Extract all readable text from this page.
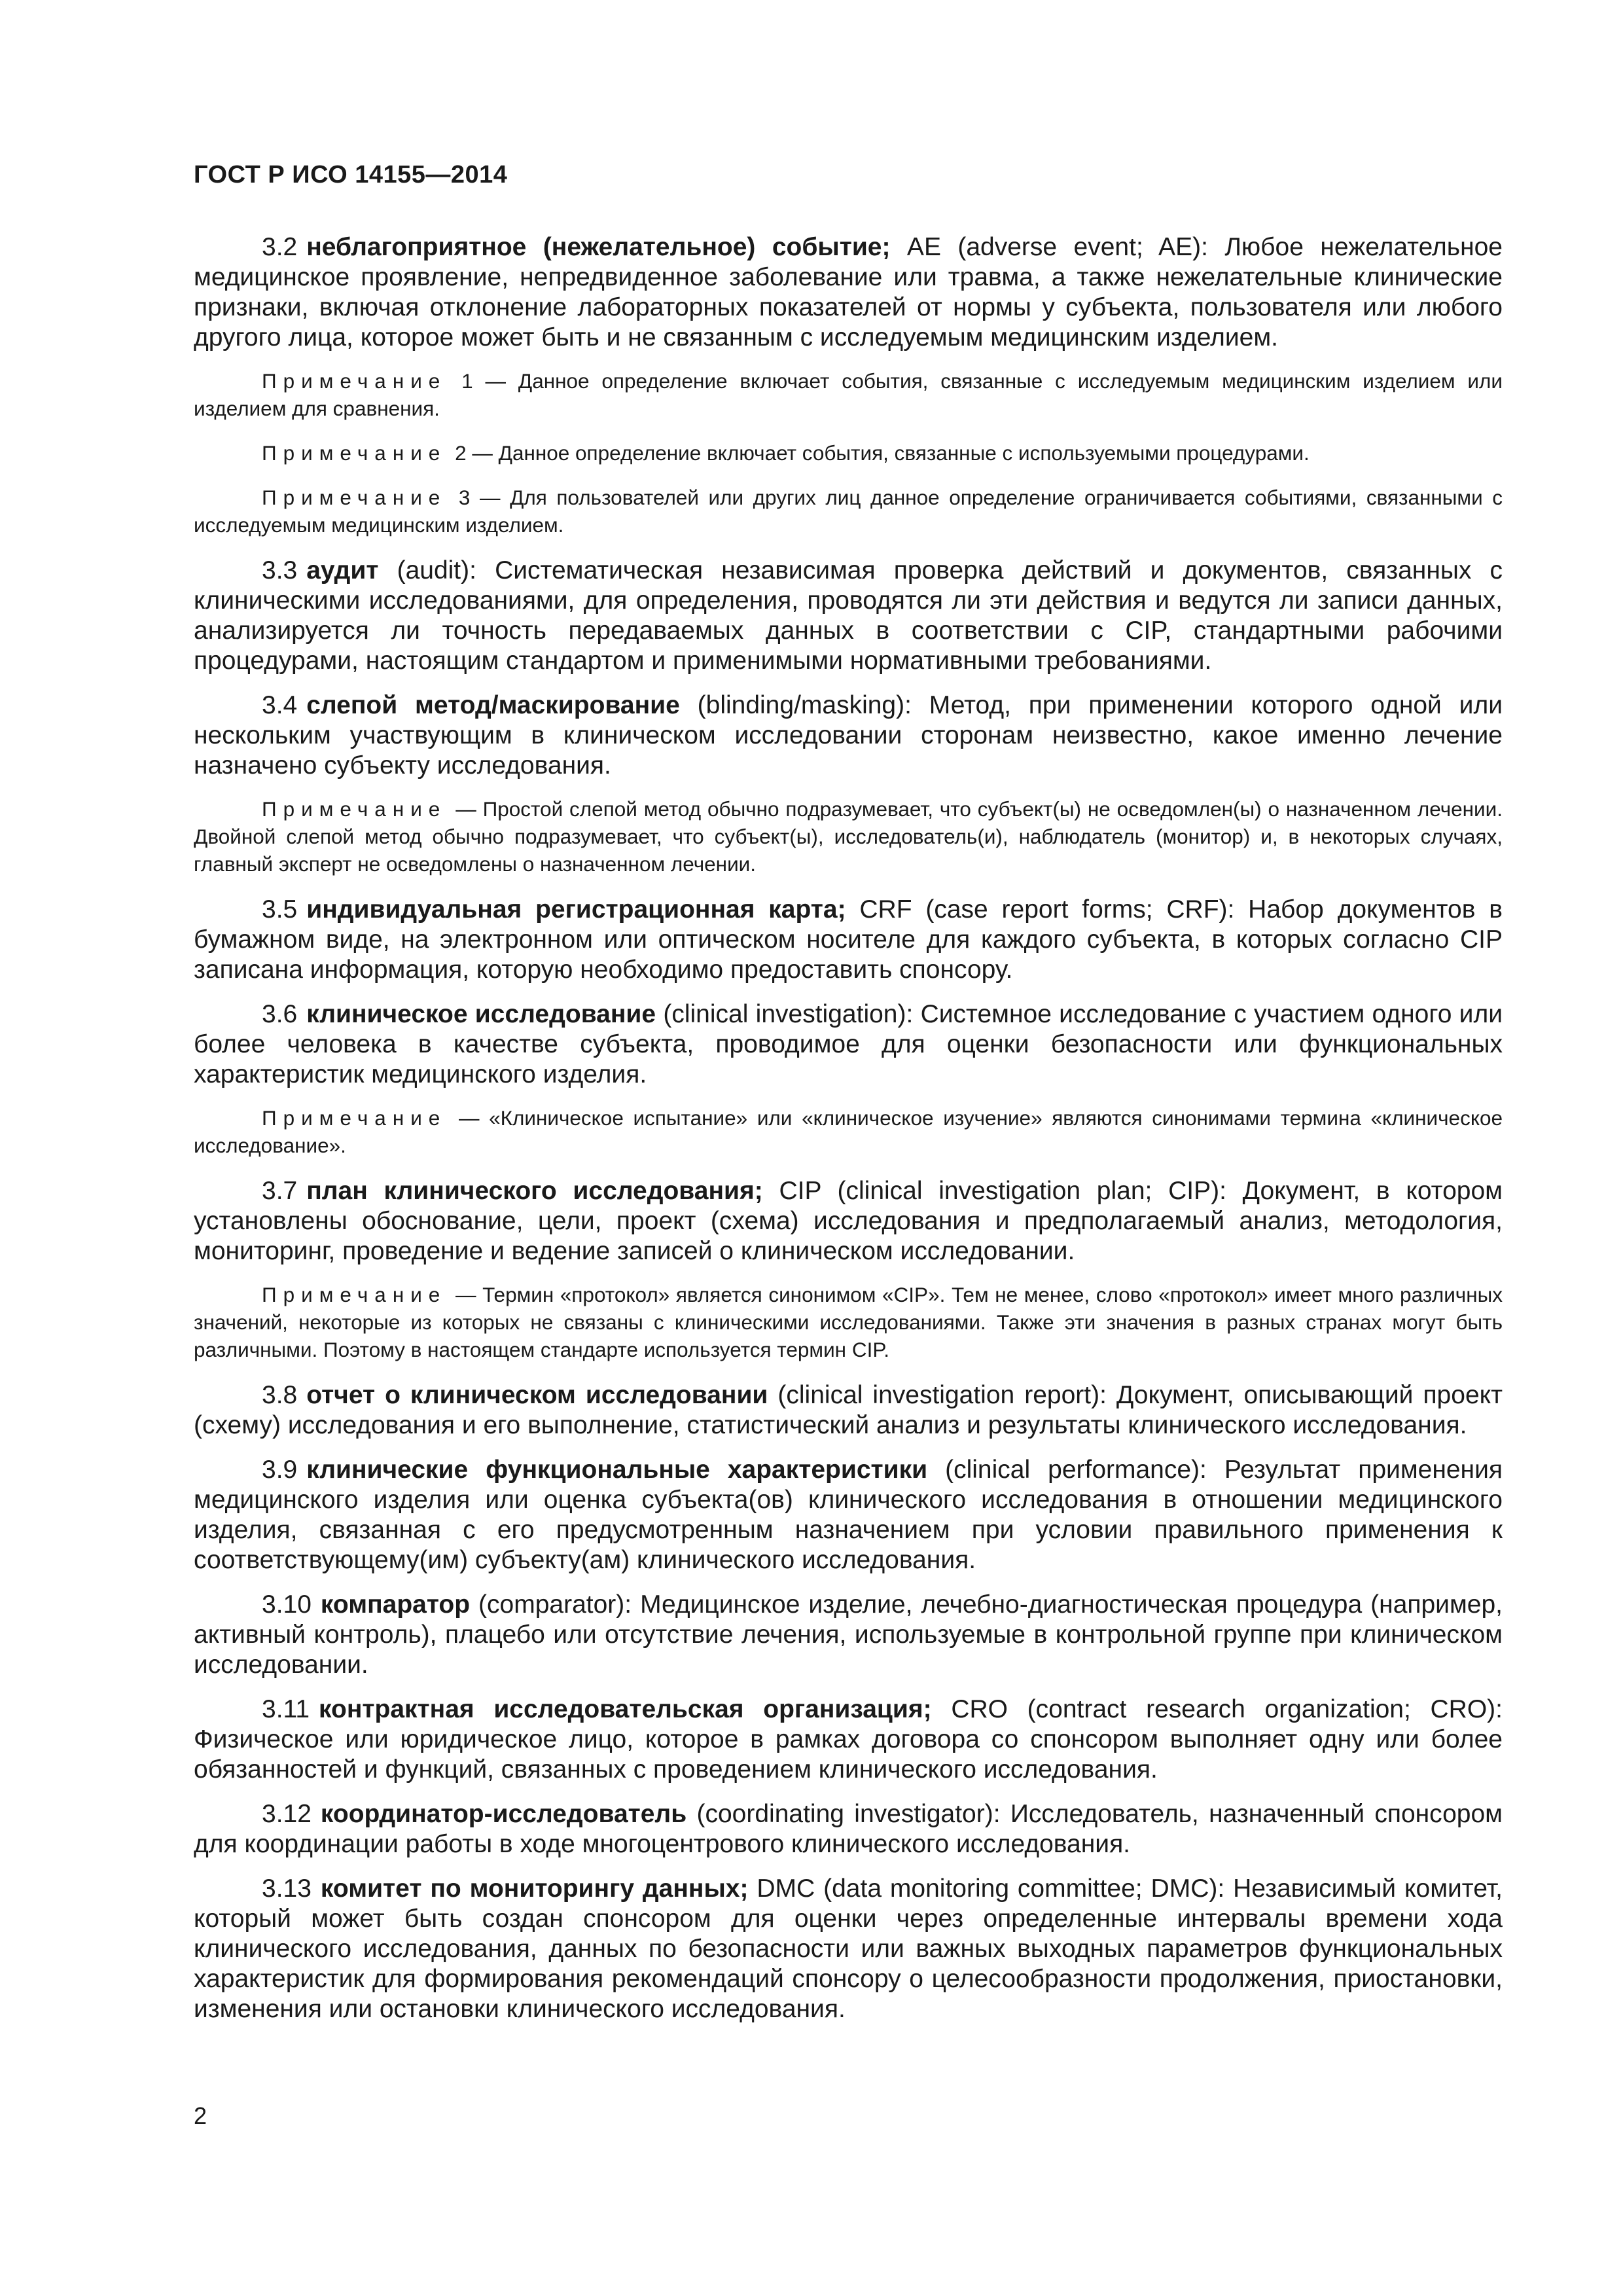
ГОСТ Р ИСО 14155—2014

3.2 неблагоприятное (нежелательное) событие; AE (adverse event; AE): Любое нежелательное медицинское проявление, непредвиденное заболевание или травма, а также нежелательные клинические признаки, включая отклонение лабораторных показателей от нормы у субъекта, пользователя или любого другого лица, которое может быть и не связанным с исследуемым медицинским изделием.

Примечание 1 — Данное определение включает события, связанные с исследуемым медицинским изделием или изделием для сравнения.

Примечание 2 — Данное определение включает события, связанные с используемыми процедурами.

Примечание 3 — Для пользователей или других лиц данное определение ограничивается событиями, связанными с исследуемым медицинским изделием.

3.3 аудит (audit): Систематическая независимая проверка действий и документов, связанных с клиническими исследованиями, для определения, проводятся ли эти действия и ведутся ли записи данных, анализируется ли точность передаваемых данных в соответствии с CIP, стандартными рабочими процедурами, настоящим стандартом и применимыми нормативными требованиями.

3.4 слепой метод/маскирование (blinding/masking): Метод, при применении которого одной или нескольким участвующим в клиническом исследовании сторонам неизвестно, какое именно лечение назначено субъекту исследования.

Примечание — Простой слепой метод обычно подразумевает, что субъект(ы) не осведомлен(ы) о назначенном лечении. Двойной слепой метод обычно подразумевает, что субъект(ы), исследователь(и), наблюдатель (монитор) и, в некоторых случаях, главный эксперт не осведомлены о назначенном лечении.

3.5 индивидуальная регистрационная карта; CRF (case report forms; CRF): Набор документов в бумажном виде, на электронном или оптическом носителе для каждого субъекта, в которых согласно CIP записана информация, которую необходимо предоставить спонсору.

3.6 клиническое исследование (clinical investigation): Системное исследование с участием одного или более человека в качестве субъекта, проводимое для оценки безопасности или функциональных характеристик медицинского изделия.

Примечание — «Клиническое испытание» или «клиническое изучение» являются синонимами термина «клиническое исследование».

3.7 план клинического исследования; CIP (clinical investigation plan; CIP): Документ, в котором установлены обоснование, цели, проект (схема) исследования и предполагаемый анализ, методология, мониторинг, проведение и ведение записей о клиническом исследовании.

Примечание — Термин «протокол» является синонимом «CIP». Тем не менее, слово «протокол» имеет много различных значений, некоторые из которых не связаны с клиническими исследованиями. Также эти значения в разных странах могут быть различными. Поэтому в настоящем стандарте используется термин CIP.

3.8 отчет о клиническом исследовании (clinical investigation report): Документ, описывающий проект (схему) исследования и его выполнение, статистический анализ и результаты клинического исследования.

3.9 клинические функциональные характеристики (clinical performance): Результат применения медицинского изделия или оценка субъекта(ов) клинического исследования в отношении медицинского изделия, связанная с его предусмотренным назначением при условии правильного применения к соответствующему(им) субъекту(ам) клинического исследования.

3.10 компаратор (comparator): Медицинское изделие, лечебно-диагностическая процедура (например, активный контроль), плацебо или отсутствие лечения, используемые в контрольной группе при клиническом исследовании.

3.11 контрактная исследовательская организация; CRO (contract research organization; CRO): Физическое или юридическое лицо, которое в рамках договора со спонсором выполняет одну или более обязанностей и функций, связанных с проведением клинического исследования.

3.12 координатор-исследователь (coordinating investigator): Исследователь, назначенный спонсором для координации работы в ходе многоцентрового клинического исследования.

3.13 комитет по мониторингу данных; DMC (data monitoring committee; DMC): Независимый комитет, который может быть создан спонсором для оценки через определенные интервалы времени хода клинического исследования, данных по безопасности или важных выходных параметров функциональных характеристик для формирования рекомендаций спонсору о целесообразности продолжения, приостановки, изменения или остановки клинического исследования.

2
